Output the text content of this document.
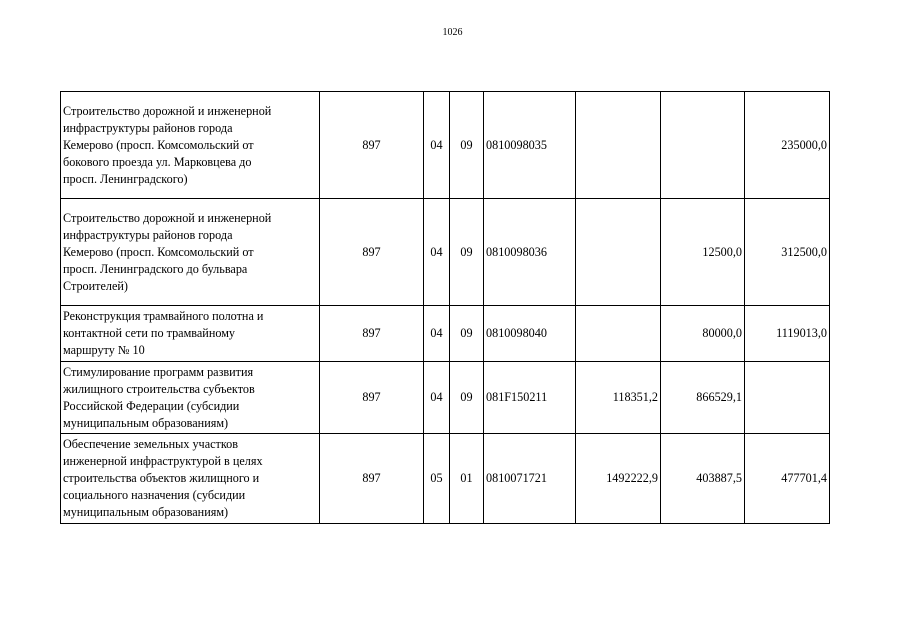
1026
Строительство дорожной и инженерной
инфраструктуры районов города
Кемерово (просп. Комсомольский от
бокового проезда ул. Марковцева до
просп. Ленинградского)	897	04	09	0810098035			235000,0

Строительство дорожной и инженерной
инфраструктуры районов города
Кемерово (просп. Комсомольский от
просп. Ленинградского до бульвара
Строителей)	897	04	09	0810098036		12500,0	312500,0

Реконструкция трамвайного полотна и
контактной сети по трамвайному
маршруту № 10	897	04	09	0810098040		80000,0	1119013,0

Стимулирование программ развития
жилищного строительства субъектов
Российской Федерации (субсидии
муниципальным образованиям)	897	04	09	081F150211	118351,2	866529,1	

Обеспечение земельных участков
инженерной инфраструктурой в целях
строительства объектов жилищного и
социального назначения (субсидии
муниципальным образованиям)	897	05	01	0810071721	1492222,9	403887,5	477701,4
